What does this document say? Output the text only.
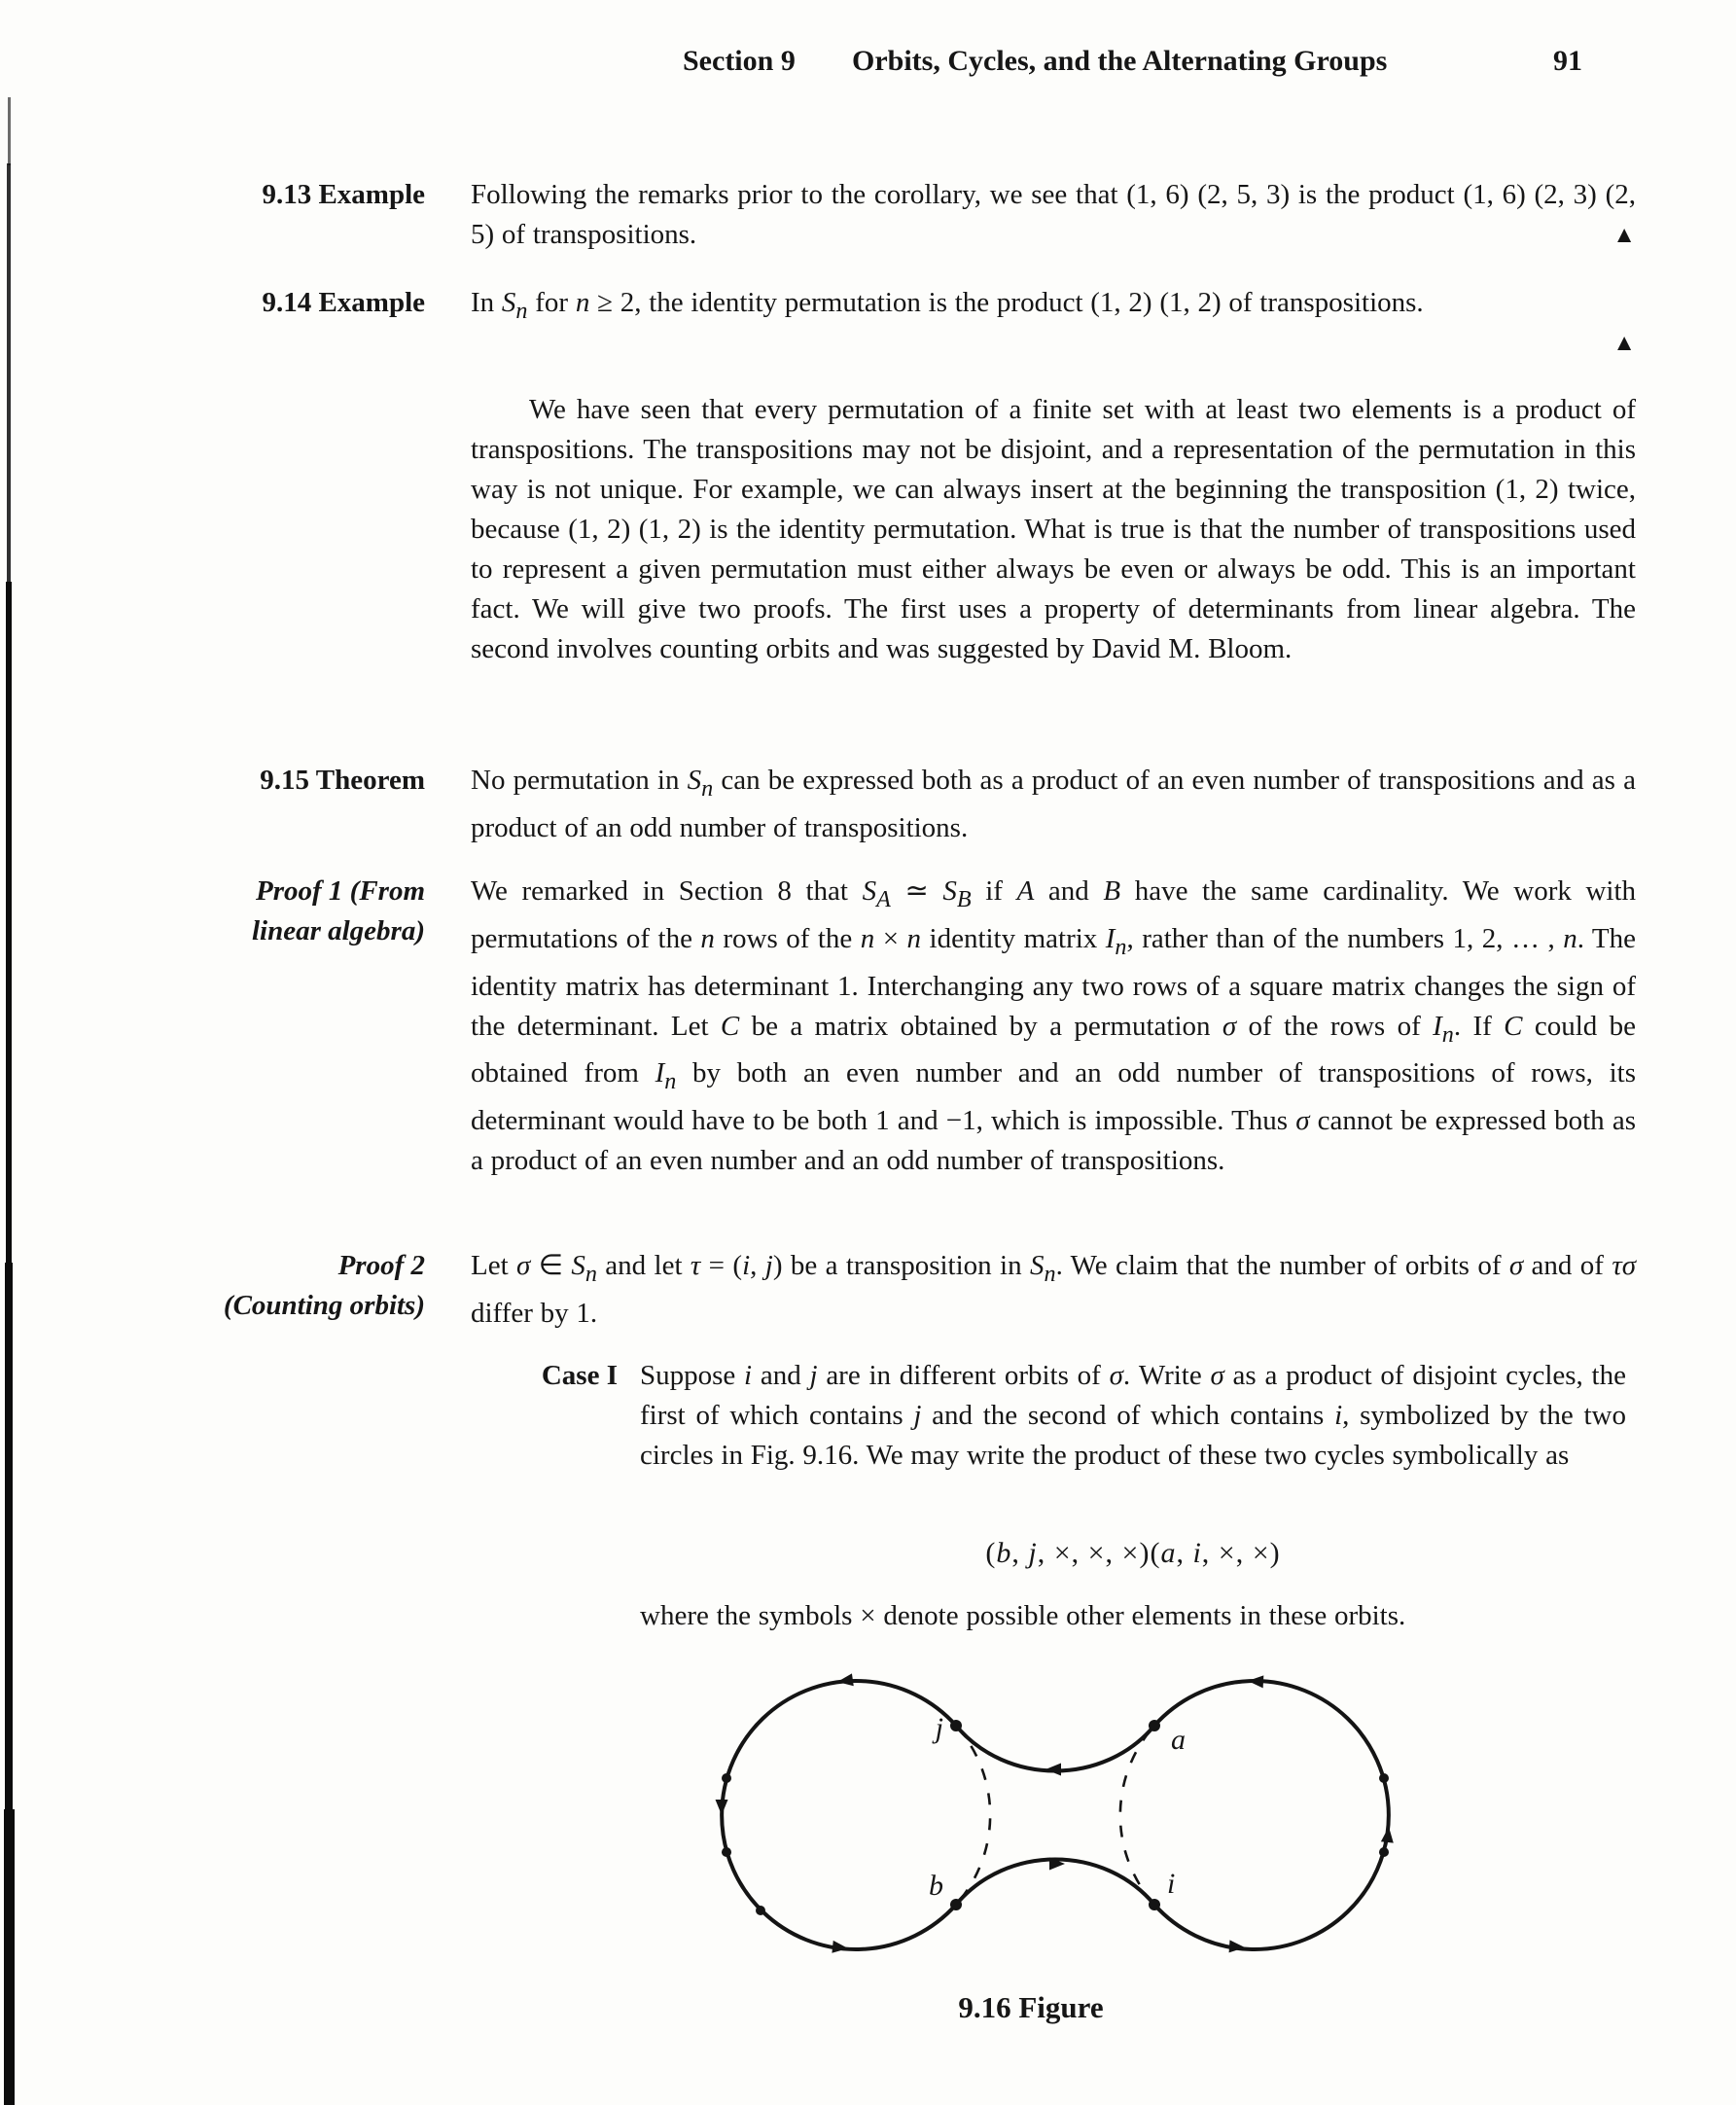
Section 9 Orbits, Cycles, and the Alternating Groups	91
9.13 Example Following the remarks prior to the corollary, we see that (1, 6) (2, 5, 3) is the product (1, 6) (2, 3) (2, 5) of transpositions.	▲
9.14 Example In $S_n$ for n ≥ 2, the identity permutation is the product (1, 2) (1, 2) of transpositions.
▲
We have seen that every permutation of a finite set with at least two elements is a product of transpositions. The transpositions may not be disjoint, and a representation of the permutation in this way is not unique. For example, we can always insert at the beginning the transposition (1, 2) twice, because (1, 2) (1, 2) is the identity permutation. What is true is that the number of transpositions used to represent a given permutation must either always be even or always be odd. This is an important fact. We will give two proofs. The first uses a property of determinants from linear algebra. The second involves counting orbits and was suggested by David M. Bloom.
9.15 Theorem No permutation in $S_n$ can be expressed both as a product of an even number of transpositions and as a product of an odd number of transpositions.
Proof 1 (From
linear algebra)
We remarked in Section 8 that $S_A$ ≃ $S_B$ if A and B have the same cardinality. We work with permutations of the n rows of the n × n identity matrix $I_n$, rather than of the numbers 1, 2, … , n. The identity matrix has determinant 1. Interchanging any two rows of a square matrix changes the sign of the determinant. Let C be a matrix obtained by a permutation σ of the rows of $I_n$. If C could be obtained from $I_n$ by both an even number and an odd number of transpositions of rows, its determinant would have to be both 1 and −1, which is impossible. Thus σ cannot be expressed both as a product of an even number and an odd number of transpositions.
Proof 2
(Counting orbits)
Let σ ∈ $S_n$ and let τ = (i, j) be a transposition in $S_n$. We claim that the number of orbits of σ and of τσ differ by 1.
Case I Suppose i and j are in different orbits of σ. Write σ as a product of disjoint cycles, the first of which contains j and the second of which contains i, symbolized by the two circles in Fig. 9.16. We may write the product of these two cycles symbolically as
(b, j, ×, ×, ×)(a, i, ×, ×)
where the symbols × denote possible other elements in these orbits.
j
b
a
i
9.16 Figure
